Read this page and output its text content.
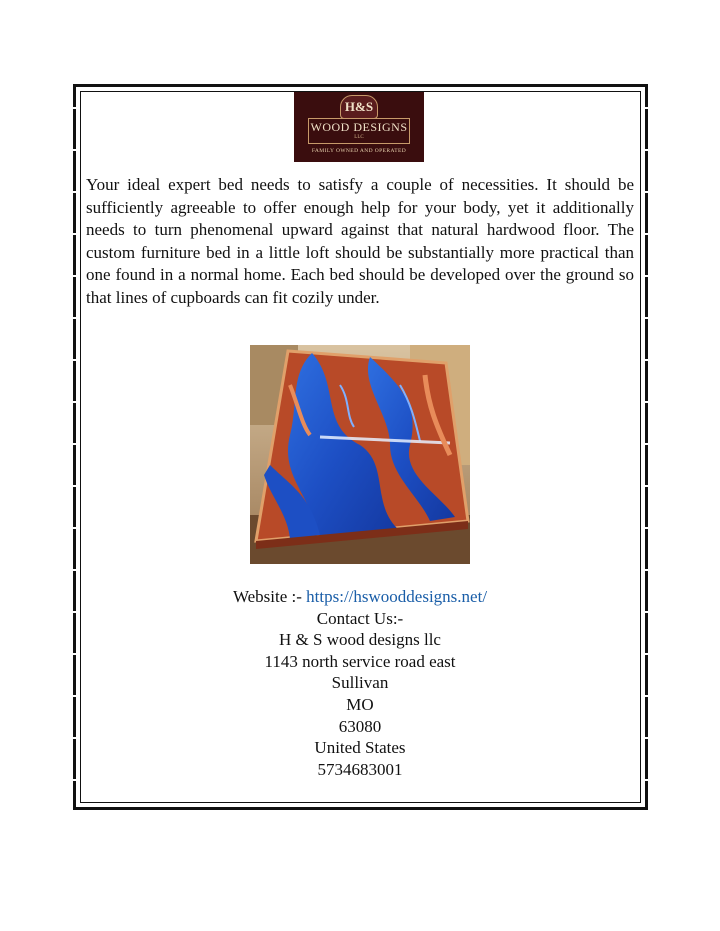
H&S
WOOD DESIGNS
LLC
FAMILY OWNED AND OPERATED

Your ideal expert bed needs to satisfy a couple of necessities. It should be sufficiently agreeable to offer enough help for your body, yet it additionally needs to turn phenomenal upward against that natural hardwood floor. The custom furniture bed in a little loft should be substantially more practical than one found in a normal home. Each bed should be developed over the ground so that lines of cupboards can fit cozily under.

Website :- https://hswooddesigns.net/
Contact Us:-
H & S wood designs llc
1143 north service road east
Sullivan
MO
63080
United States
5734683001
